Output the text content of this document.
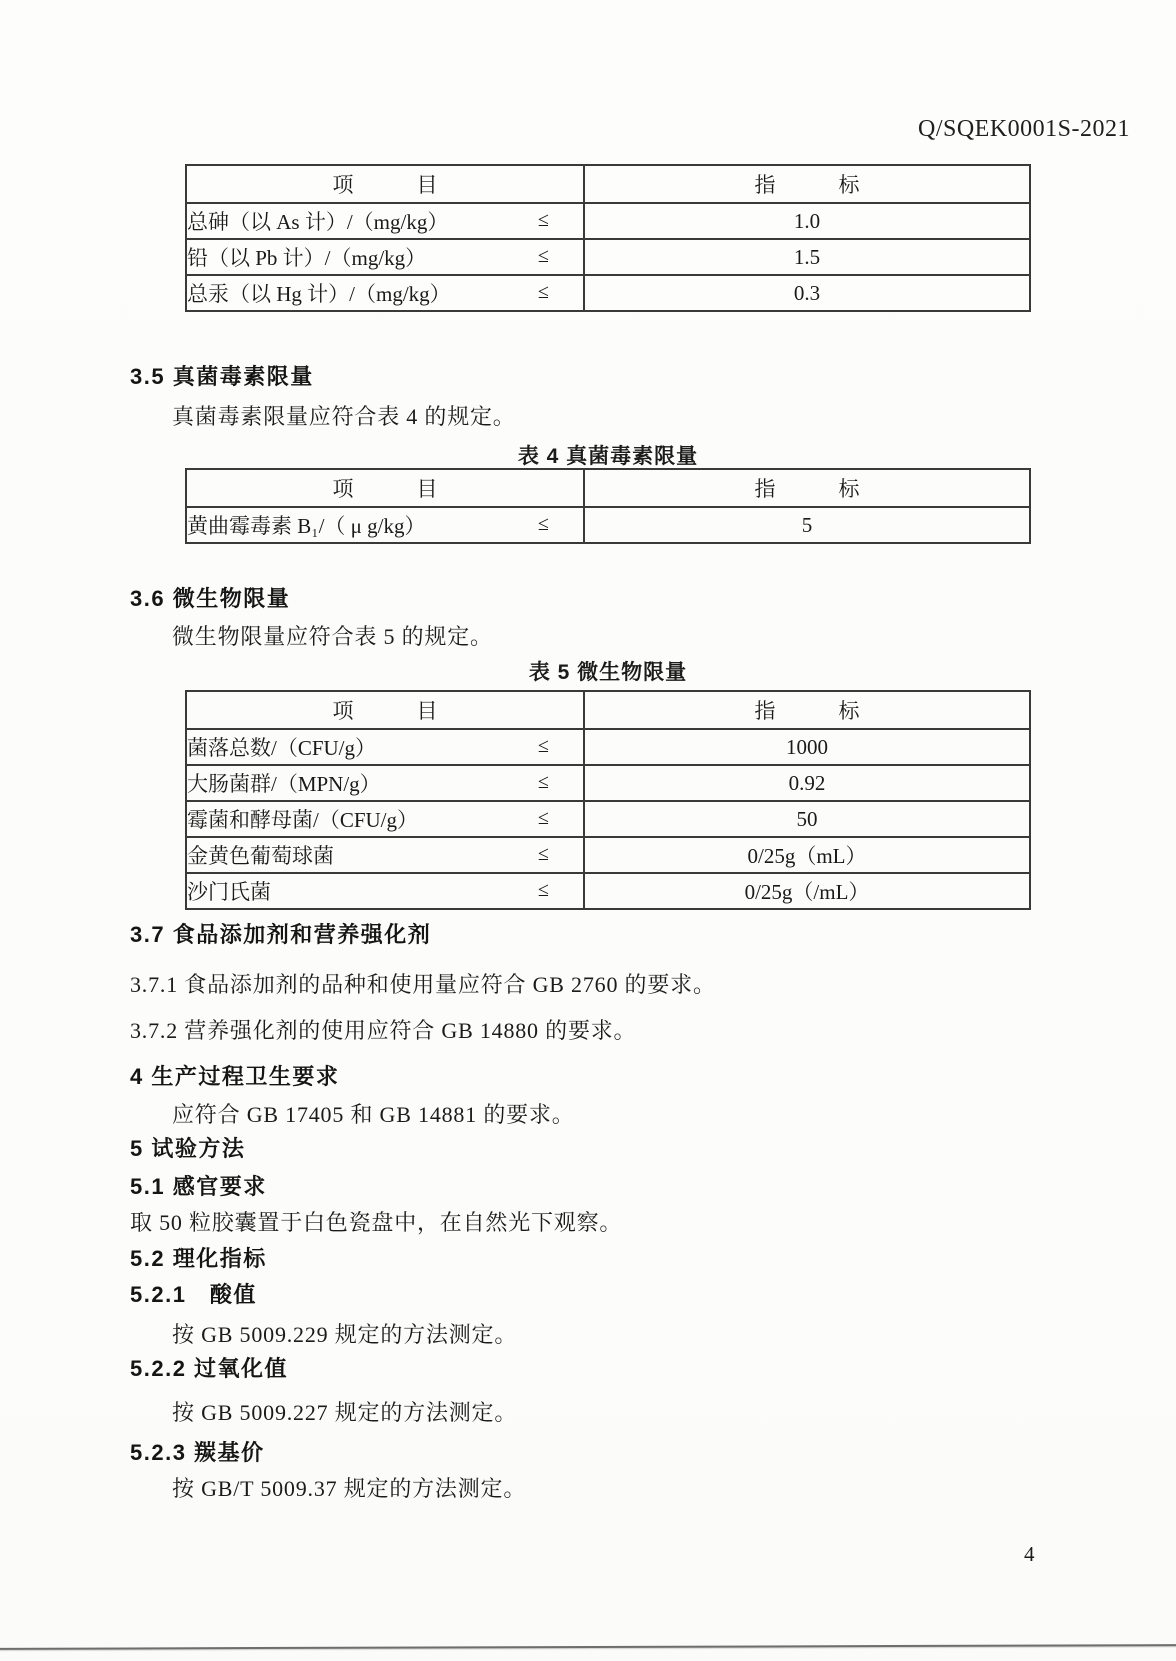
Q/SQEK0001S-2021
项　　　目	指　　　标
总砷（以 As 计）/（mg/kg） ≤	1.0
铅（以 Pb 计）/（mg/kg） ≤	1.5
总汞（以 Hg 计）/（mg/kg） ≤	0.3
3.5 真菌毒素限量
真菌毒素限量应符合表 4 的规定。
表 4 真菌毒素限量
项　　　目	指　　　标
黄曲霉毒素 B₁/（ μ g/kg） ≤	5
3.6 微生物限量
微生物限量应符合表 5 的规定。
表 5 微生物限量
项　　　目	指　　　标
菌落总数/（CFU/g） ≤	1000
大肠菌群/（MPN/g） ≤	0.92
霉菌和酵母菌/（CFU/g） ≤	50
金黄色葡萄球菌 ≤	0/25g（mL）
沙门氏菌 ≤	0/25g（/mL）
3.7 食品添加剂和营养强化剂
3.7.1 食品添加剂的品种和使用量应符合 GB 2760 的要求。
3.7.2 营养强化剂的使用应符合 GB 14880 的要求。
4 生产过程卫生要求
应符合 GB 17405 和 GB 14881 的要求。
5 试验方法
5.1 感官要求
取 50 粒胶囊置于白色瓷盘中，在自然光下观察。
5.2 理化指标
5.2.1　酸值
按 GB 5009.229 规定的方法测定。
5.2.2 过氧化值
按 GB 5009.227 规定的方法测定。
5.2.3 羰基价
按 GB/T 5009.37 规定的方法测定。
4
